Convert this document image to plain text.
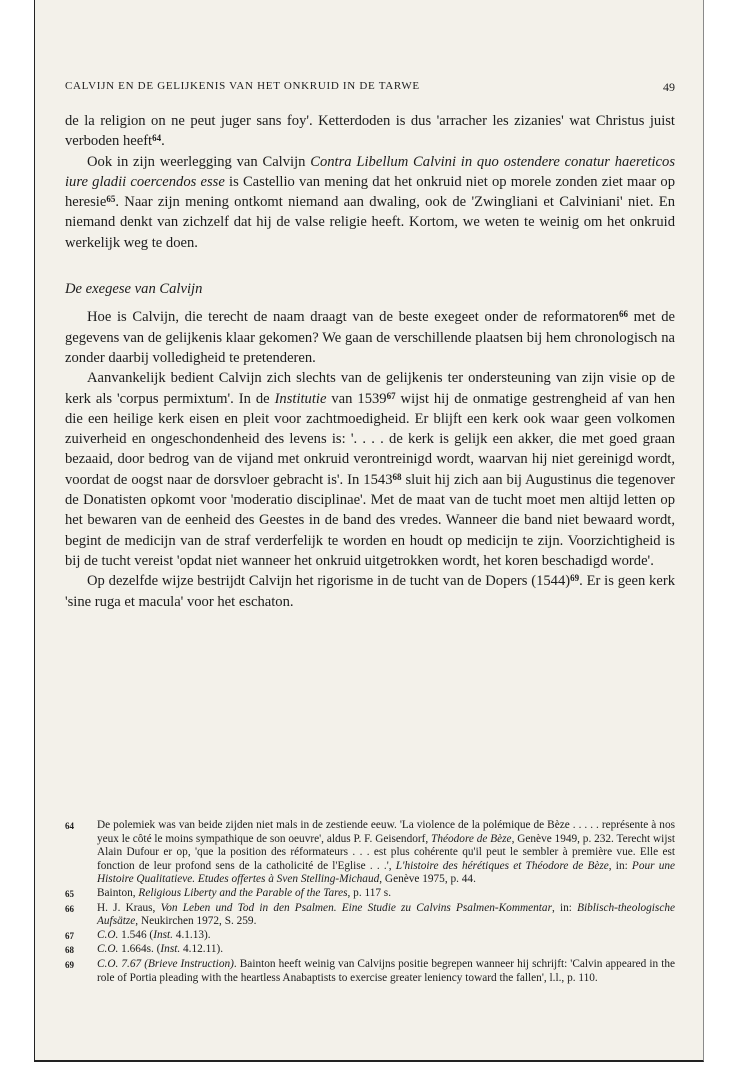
CALVIJN EN DE GELIJKENIS VAN HET ONKRUID IN DE TARWE	49

de la religion on ne peut juger sans foy'. Ketterdoden is dus 'arracher les zizanies' wat Christus juist verboden heeft$^{64}$.

Ook in zijn weerlegging van Calvijn Contra Libellum Calvini in quo ostendere conatur haereticos iure gladii coercendos esse is Castellio van mening dat het onkruid niet op morele zonden ziet maar op heresie$^{65}$. Naar zijn mening ontkomt niemand aan dwaling, ook de 'Zwingliani et Calviniani' niet. En niemand denkt van zichzelf dat hij de valse religie heeft. Kortom, we weten te weinig om het onkruid werkelijk weg te doen.

De exegese van Calvijn

Hoe is Calvijn, die terecht de naam draagt van de beste exegeet onder de reformatoren$^{66}$ met de gegevens van de gelijkenis klaar gekomen? We gaan de verschillende plaatsen bij hem chronologisch na zonder daarbij volledigheid te pretenderen.

Aanvankelijk bedient Calvijn zich slechts van de gelijkenis ter ondersteuning van zijn visie op de kerk als 'corpus permixtum'. In de Institutie van 1539$^{67}$ wijst hij de onmatige gestrengheid af van hen die een heilige kerk eisen en pleit voor zachtmoedigheid. Er blijft een kerk ook waar geen volkomen zuiverheid en ongeschondenheid des levens is: '. . . . de kerk is gelijk een akker, die met goed graan bezaaid, door bedrog van de vijand met onkruid verontreinigd wordt, waarvan hij niet gereinigd wordt, voordat de oogst naar de dorsvloer gebracht is'. In 1543$^{68}$ sluit hij zich aan bij Augustinus die tegenover de Donatisten opkomt voor 'moderatio disciplinae'. Met de maat van de tucht moet men altijd letten op het bewaren van de eenheid des Geestes in de band des vredes. Wanneer die band niet bewaard wordt, begint de medicijn van de straf verderfelijk te worden en houdt op medicijn te zijn. Voorzichtigheid is bij de tucht vereist 'opdat niet wanneer het onkruid uitgetrokken wordt, het koren beschadigd worde'.

Op dezelfde wijze bestrijdt Calvijn het rigorisme in de tucht van de Dopers $(1544)^{69}$. Er is geen kerk 'sine ruga et macula' voor het eschaton.

64	De polemiek was van beide zijden niet mals in de zestiende eeuw. 'La violence de la polémique de Bèze . . . . . représente à nos yeux le côté le moins sympathique de son oeuvre', aldus P. F. Geisendorf, Théodore de Bèze, Genève 1949, p. 232. Terecht wijst Alain Dufour er op, 'que la position des réformateurs . . . est plus cohérente qu'il peut le sembler à première vue. Elle est fonction de leur profond sens de la catholicité de l'Eglise . . .', L'histoire des hérétiques et Théodore de Bèze, in: Pour une Histoire Qualitatieve. Etudes offertes à Sven Stelling-Michaud, Genève 1975, p. 44.
65	Bainton, Religious Liberty and the Parable of the Tares, p. 117 s.
66	H. J. Kraus, Von Leben und Tod in den Psalmen. Eine Studie zu Calvins Psalmen-Kommentar, in: Biblisch-theologische Aufsätze, Neukirchen 1972, S. 259.
67	C.O. 1.546 (Inst. 4.1.13).
68	C.O. 1.664s. (Inst. 4.12.11).
69	C.O. 7.67 (Brieve Instruction). Bainton heeft weinig van Calvijns positie begrepen wanneer hij schrijft: 'Calvin appeared in the role of Portia pleading with the heartless Anabaptists to exercise greater leniency toward the fallen', l.l., p. 110.
